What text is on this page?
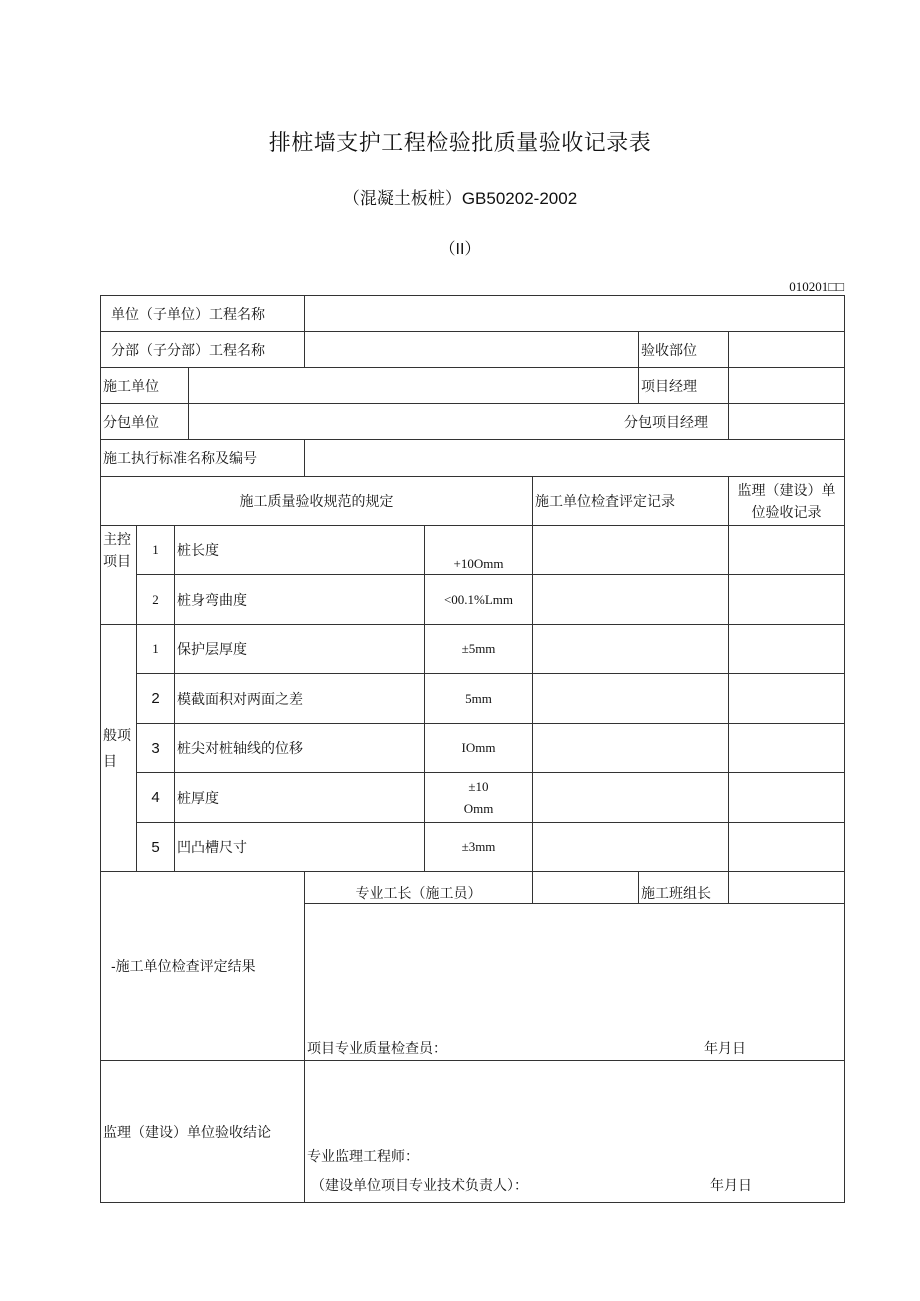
排桩墙支护工程检验批质量验收记录表
（混凝土板桩）GB50202-2002
（II）
010201□□
单位（子单位）工程名称								
分部（子分部）工程名称							验收部位	
施工单位							项目经理	
分包单位			分包项目经理					
施工执行标准名称及编号								
施工质量验收规范的规定						施工单位检査评定记录		监理（建设）单位验收记录
主控项目	1	桩长度			+10Omm			
	2	桩身弯曲度			<00.1%Lmm			
般项目	1	保护层厚度			±5mm			
	2	模截面积对两面之差			5mm			
	3	桩尖对桩轴线的位移			IOmm			
	4	桩厚度			±10
Omm			

	5	凹凸槽尺寸			±3mm			
-施工单位检查评定结果				专业工长（施工员）			施工班组长	

				项目专业质量检查员： 年月日				

监理（建设）单位验收结论				专业监理工程师：
（建设单位项目专业技术负责人）： 年月日				
